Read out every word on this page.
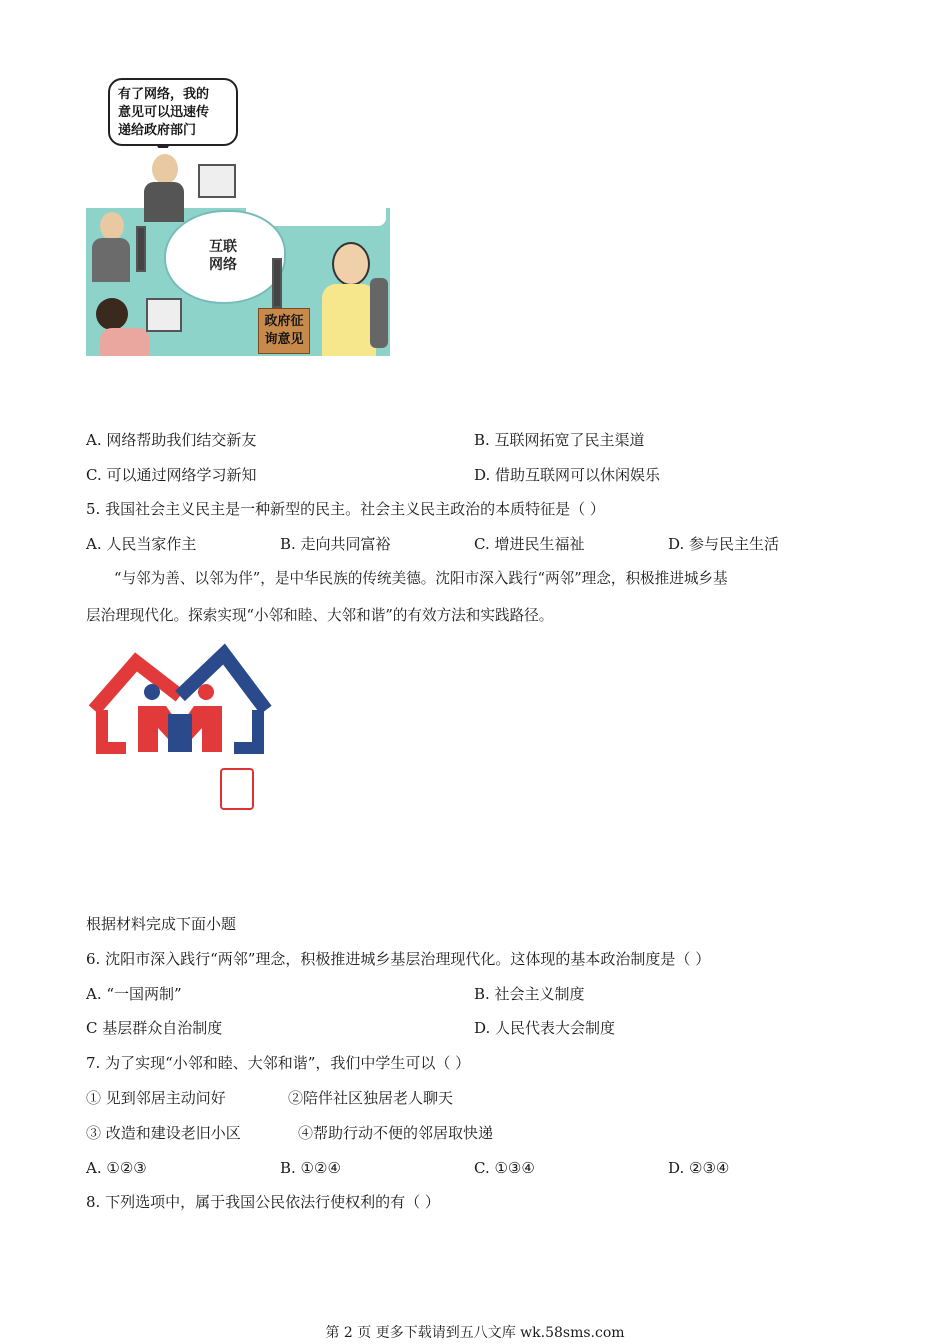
有了网络，我的
意见可以迅速传
递给政府部门
互联
网络
政府征
询意见
A. 网络帮助我们结交新友	B. 互联网拓宽了民主渠道
C. 可以通过网络学习新知	D. 借助互联网可以休闲娱乐
5. 我国社会主义民主是一种新型的民主。社会主义民主政治的本质特征是（ ）
A. 人民当家作主	B. 走向共同富裕	C. 增进民生福祉	D. 参与民主生活
“与邻为善、以邻为伴”，是中华民族的传统美德。沈阳市深入践行“两邻”理念，积极推进城乡基
层治理现代化。探索实现“小邻和睦、大邻和谐”的有效方法和实践路径。
根据材料完成下面小题
6. 沈阳市深入践行“两邻”理念，积极推进城乡基层治理现代化。这体现的基本政治制度是（ ）
A. “一国两制”	B. 社会主义制度
C 基层群众自治制度	D. 人民代表大会制度
7. 为了实现“小邻和睦、大邻和谐”，我们中学生可以（ ）
① 见到邻居主动问好	②陪伴社区独居老人聊天
③ 改造和建设老旧小区	④帮助行动不便的邻居取快递
A. ①②③	B. ①②④	C. ①③④	D. ②③④
8. 下列选项中，属于我国公民依法行使权利的有（ ）
第 2 页 更多下载请到五八文库 wk.58sms.com
